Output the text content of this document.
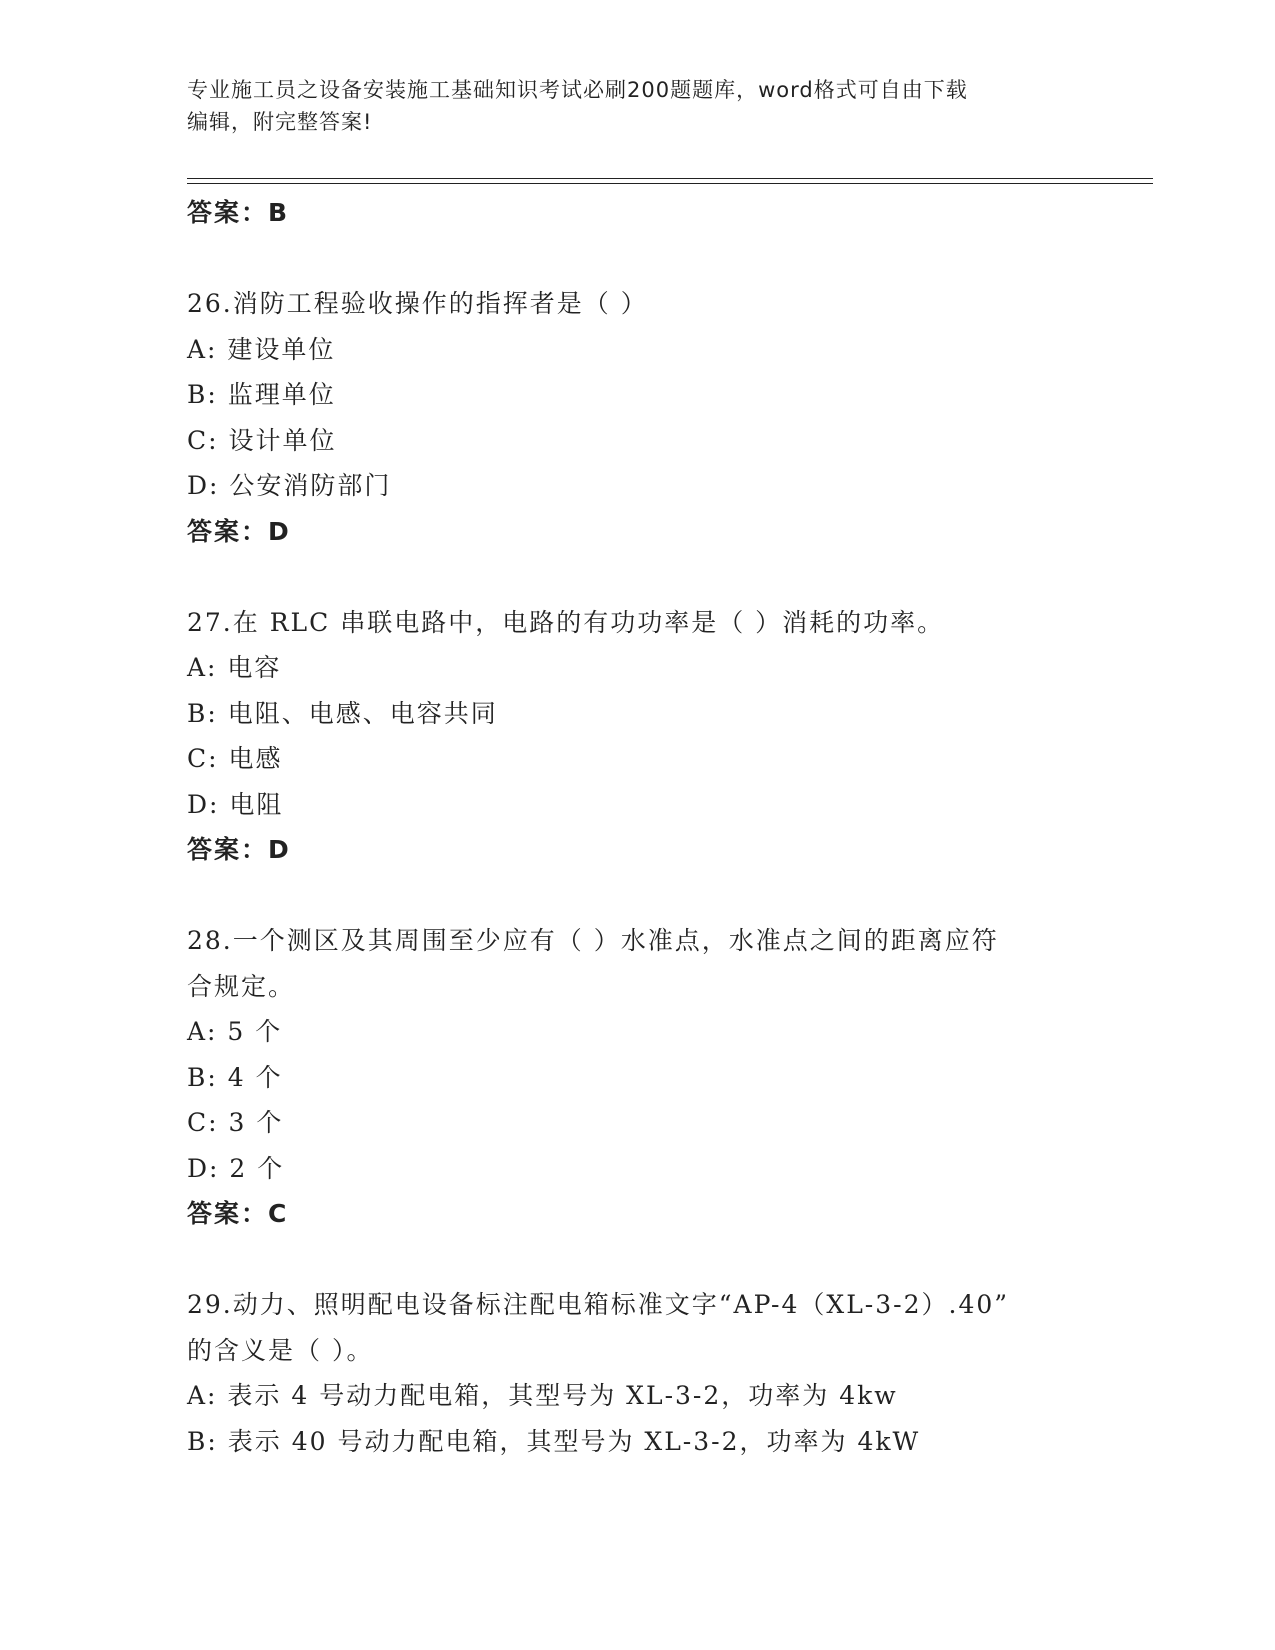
专业施工员之设备安装施工基础知识考试必刷200题题库，word格式可自由下载
编辑，附完整答案!
答案：B
26.消防工程验收操作的指挥者是（ ）
A: 建设单位
B: 监理单位
C: 设计单位
D: 公安消防部门
答案：D
27.在 RLC 串联电路中，电路的有功功率是（ ）消耗的功率。
A: 电容
B: 电阻、电感、电容共同
C: 电感
D: 电阻
答案：D
28.一个测区及其周围至少应有（ ）水准点，水准点之间的距离应符
合规定。
A: 5 个
B: 4 个
C: 3 个
D: 2 个
答案：C
29.动力、照明配电设备标注配电箱标准文字“AP-4（XL-3-2）.40”
的含义是（ ）。
A: 表示 4 号动力配电箱，其型号为 XL-3-2，功率为 4kw
B: 表示 40 号动力配电箱，其型号为 XL-3-2，功率为 4kW
